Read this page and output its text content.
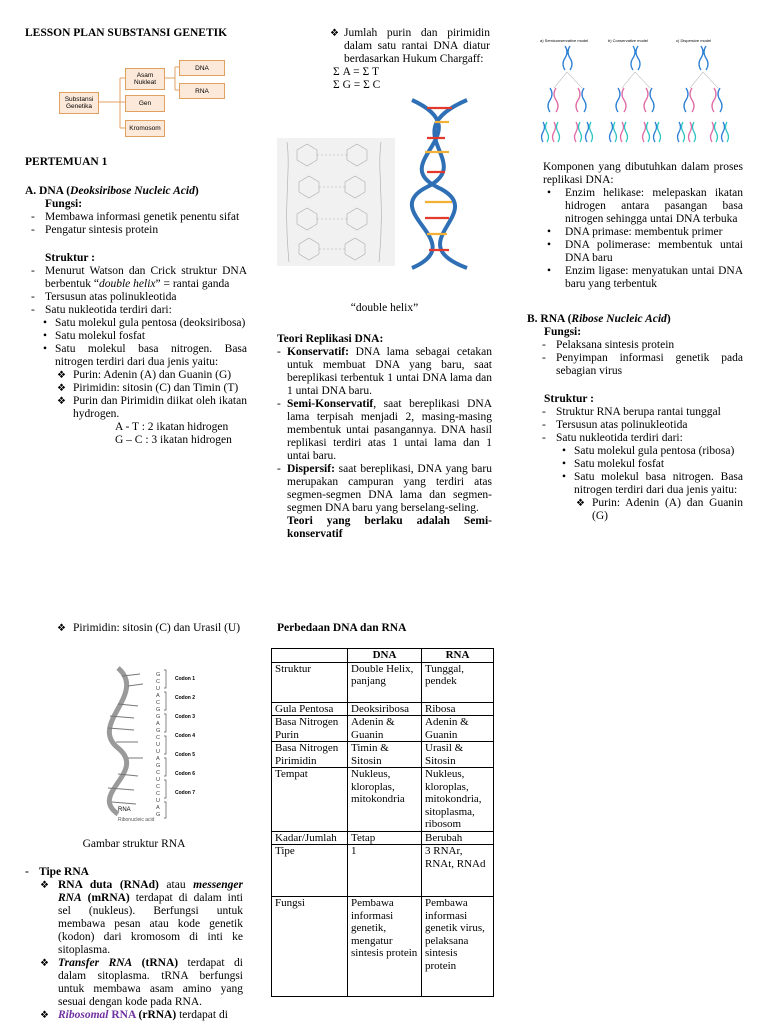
LESSON PLAN SUBSTANSI GENETIK
Substansi Genetika
Asam Nukleat
Gen
Kromosom
DNA
RNA
PERTEMUAN 1
A. DNA (Deoksiribose Nucleic Acid)
Fungsi:
- Membawa informasi genetik penentu sifat
- Pengatur sintesis protein
Struktur :
- Menurut Watson dan Crick struktur DNA berbentuk “double helix” = rantai ganda
- Tersusun atas polinukleotida
- Satu nukleotida terdiri dari:
• Satu molekul gula pentosa (deoksiribosa)
• Satu molekul fosfat
• Satu molekul basa nitrogen. Basa nitrogen terdiri dari dua jenis yaitu:
❖ Purin: Adenin (A) dan Guanin (G)
❖ Pirimidin: sitosin (C) dan Timin (T)
❖ Purin dan Pirimidin diikat oleh ikatan hydrogen.
A - T : 2 ikatan hidrogen
G – C : 3 ikatan hidrogen
❖ Jumlah purin dan pirimidin dalam satu rantai DNA diatur berdasarkan Hukum Chargaff:
Σ A = Σ T
Σ G = Σ C
“double helix”
Teori Replikasi DNA:
- Konservatif: DNA lama sebagai cetakan untuk membuat DNA yang baru, saat bereplikasi terbentuk 1 untai DNA lama dan 1 untai DNA baru.
- Semi-Konservatif, saat bereplikasi DNA lama terpisah menjadi 2, masing-masing membentuk untai pasangannya. DNA hasil replikasi terdiri atas 1 untai lama dan 1 untai baru.
- Dispersif: saat bereplikasi, DNA yang baru merupakan campuran yang terdiri atas segmen-segmen DNA lama dan segmen-segmen DNA baru yang berselang-seling.
Teori yang berlaku adalah Semi-konservatif
a) Semiconservative model	b) Conservative model	c) Dispersive model
Komponen yang dibutuhkan dalam proses replikasi DNA:
• Enzim helikase: melepaskan ikatan hidrogen antara pasangan basa nitrogen sehingga untai DNA terbuka
• DNA primase: membentuk primer
• DNA polimerase: membentuk untai DNA baru
• Enzim ligase: menyatukan untai DNA baru yang terbentuk
B. RNA (Ribose Nucleic Acid)
Fungsi:
- Pelaksana sintesis protein
- Penyimpan informasi genetik pada sebagian virus
Struktur :
- Struktur RNA berupa rantai tunggal
- Tersusun atas polinukleotida
- Satu nukleotida terdiri dari:
• Satu molekul gula pentosa (ribosa)
• Satu molekul fosfat
• Satu molekul basa nitrogen. Basa nitrogen terdiri dari dua jenis yaitu:
❖ Purin: Adenin (A) dan Guanin (G)
❖ Pirimidin: sitosin (C) dan Urasil (U)
G
C
U
A
C
G
G
A
G
C
U
U
A
G
C
U
C
C
U
A
G
Codon 1
Codon 2
Codon 3
Codon 4
Codon 5
Codon 6
Codon 7
RNA
Ribonucleic acid
Gambar struktur RNA
- Tipe RNA
❖ RNA duta (RNAd) atau messenger RNA (mRNA) terdapat di dalam inti sel (nukleus). Berfungsi untuk membawa pesan atau kode genetik (kodon) dari kromosom di inti ke sitoplasma.
❖ Transfer RNA (tRNA) terdapat di dalam sitoplasma. tRNA berfungsi untuk membawa asam amino yang sesuai dengan kode pada RNA.
❖ Ribosomal RNA (rRNA) terdapat di
Perbedaan DNA dan RNA
	DNA	RNA
Struktur	Double Helix, panjang	Tunggal, pendek
Gula Pentosa	Deoksiribosa	Ribosa
Basa Nitrogen Purin	Adenin & Guanin	Adenin & Guanin
Basa Nitrogen Pirimidin	Timin & Sitosin	Urasil & Sitosin
Tempat	Nukleus, kloroplas, mitokondria	Nukleus, kloroplas, mitokondria, sitoplasma, ribosom
Kadar/Jumlah	Tetap	Berubah
Tipe	1	3 RNAr, RNAt, RNAd
Fungsi	Pembawa informasi genetik, mengatur sintesis protein	Pembawa informasi genetik virus, pelaksana sintesis protein
